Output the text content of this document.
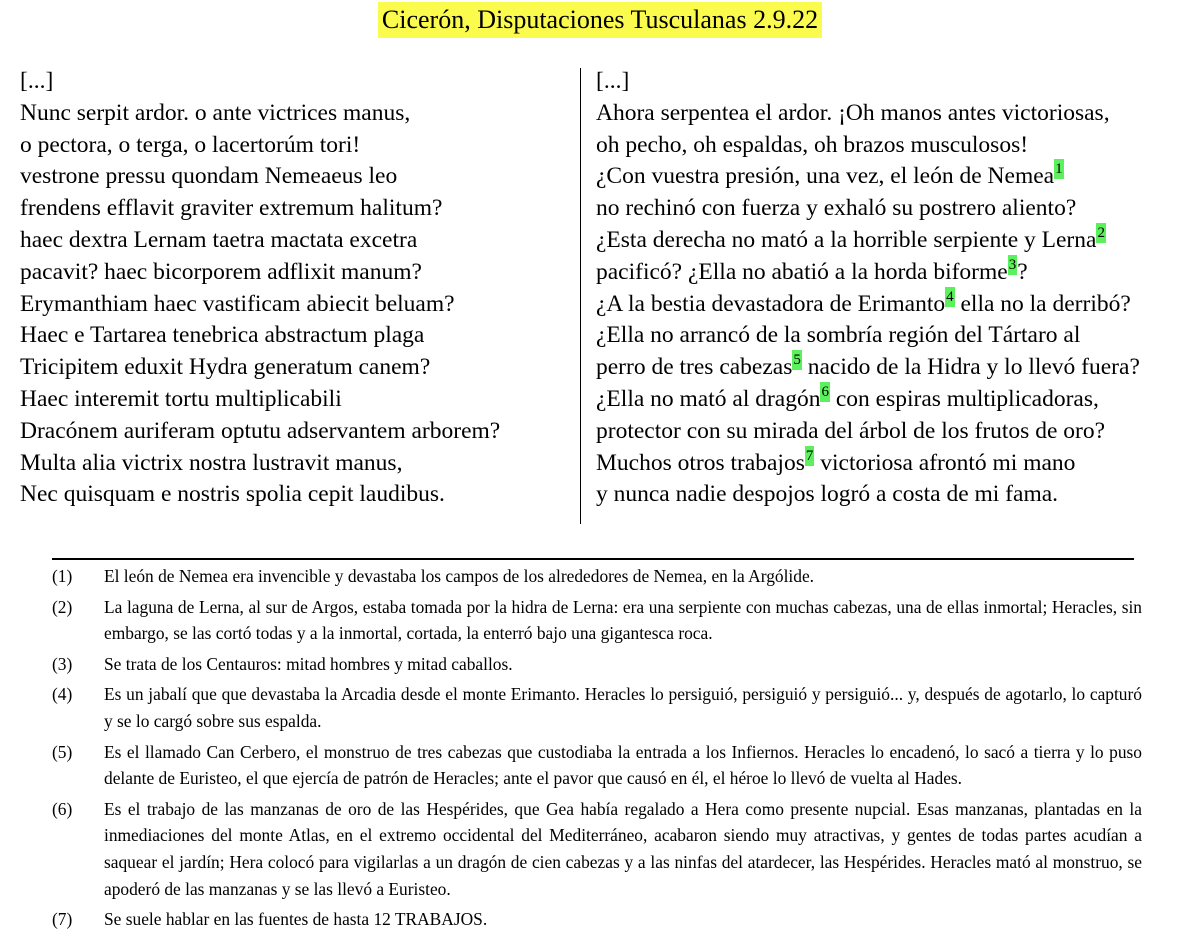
Cicerón, Disputaciones Tusculanas 2.9.22
[...]
Nunc serpit ardor. o ante victrices manus,
o pectora, o terga, o lacertorúm tori!
vestrone pressu quondam Nemeaeus leo
frendens efflavit graviter extremum halitum?
haec dextra Lernam taetra mactata excetra
pacavit? haec bicorporem adflixit manum?
Erymanthiam haec vastificam abiecit beluam?
Haec e Tartarea tenebrica abstractum plaga
Tricipitem eduxit Hydra generatum canem?
Haec interemit tortu multiplicabili
Dracónem auriferam optutu adservantem arborem?
Multa alia victrix nostra lustravit manus,
Nec quisquam e nostris spolia cepit laudibus.
[...]
Ahora serpentea el ardor. ¡Oh manos antes victoriosas,
oh pecho, oh espaldas, oh brazos musculosos!
¿Con vuestra presión, una vez, el león de Nemea1
no rechinó con fuerza y exhaló su postrero aliento?
¿Esta derecha no mató a la horrible serpiente y Lerna2
pacificó? ¿Ella no abatió a la horda biforme3?
¿A la bestia devastadora de Erimanto4 ella no la derribó?
¿Ella no arrancó de la sombría región del Tártaro al
perro de tres cabezas5 nacido de la Hidra y lo llevó fuera?
¿Ella no mató al dragón6 con espiras multiplicadoras,
protector con su mirada del árbol de los frutos de oro?
Muchos otros trabajos7 victoriosa afrontó mi mano
y nunca nadie despojos logró a costa de mi fama.
(1)	El león de Nemea era invencible y devastaba los campos de los alrededores de Nemea, en la Argólide.
(2)	La laguna de Lerna, al sur de Argos, estaba tomada por la hidra de Lerna: era una serpiente con muchas cabezas, una de ellas inmortal; Heracles, sin embargo, se las cortó todas y a la inmortal, cortada, la enterró bajo una gigantesca roca.
(3)	Se trata de los Centauros: mitad hombres y mitad caballos.
(4)	Es un jabalí que que devastaba la Arcadia desde el monte Erimanto. Heracles lo persiguió, persiguió y persiguió... y, después de agotarlo, lo capturó y se lo cargó sobre sus espalda.
(5)	Es el llamado Can Cerbero, el monstruo de tres cabezas que custodiaba la entrada a los Infiernos. Heracles lo encadenó, lo sacó a tierra y lo puso delante de Euristeo, el que ejercía de patrón de Heracles; ante el pavor que causó en él, el héroe lo llevó de vuelta al Hades.
(6)	Es el trabajo de las manzanas de oro de las Hespérides, que Gea había regalado a Hera como presente nupcial. Esas manzanas, plantadas en la inmediaciones del monte Atlas, en el extremo occidental del Mediterráneo, acabaron siendo muy atractivas, y gentes de todas partes acudían a saquear el jardín; Hera colocó para vigilarlas a un dragón de cien cabezas y a las ninfas del atardecer, las Hespérides. Heracles mató al monstruo, se apoderó de las manzanas y se las llevó a Euristeo.
(7)	Se suele hablar en las fuentes de hasta 12 TRABAJOS.
